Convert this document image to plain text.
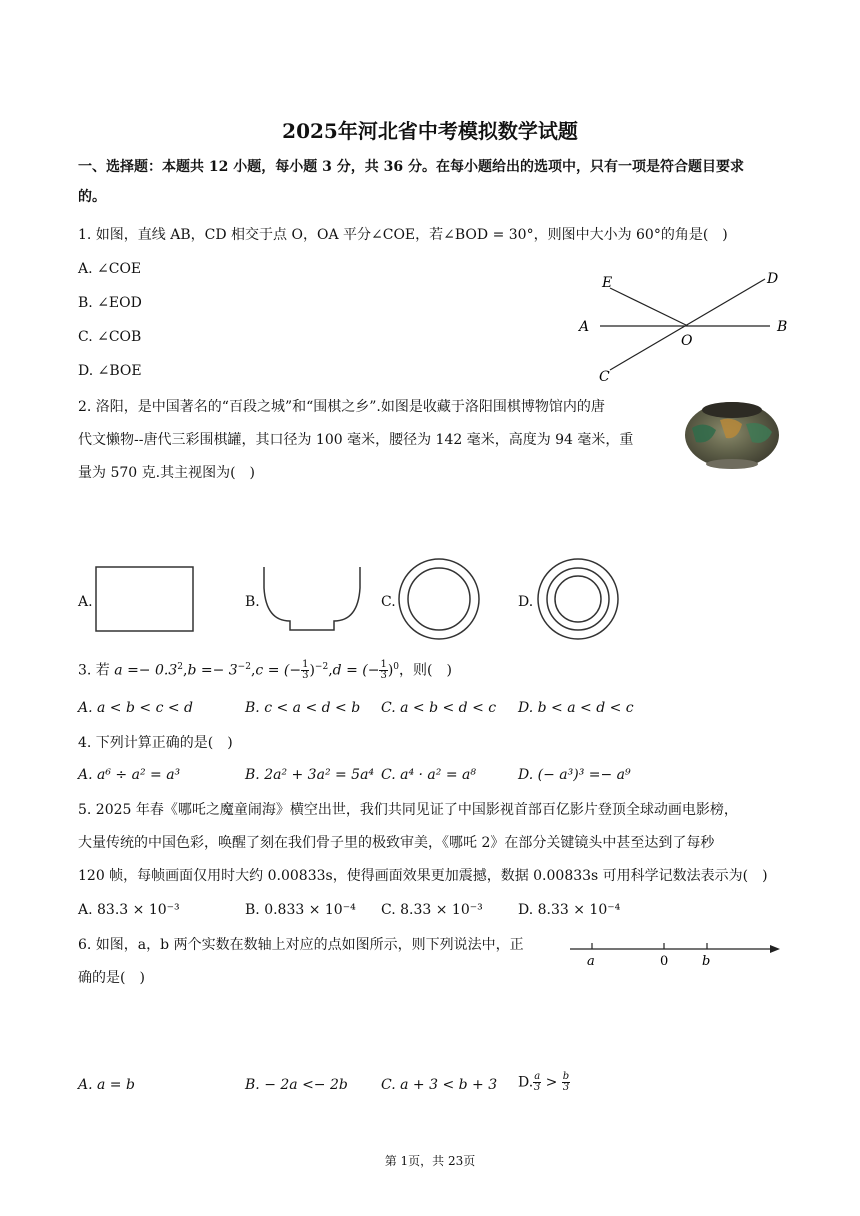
2025年河北省中考模拟数学试题
一、选择题：本题共 12 小题，每小题 3 分，共 36 分。在每小题给出的选项中，只有一项是符合题目要求
的。
1. 如图，直线 AB，CD 相交于点 O，OA 平分∠COE，若∠BOD = 30°，则图中大小为 60°的角是(　)
A. ∠COE
B. ∠EOD
C. ∠COB
D. ∠BOE
E	D
A	B
O
C
2. 洛阳，是中国著名的“百段之城”和“围棋之乡”.如图是收藏于洛阳围棋博物馆内的唐
代文懒物--唐代三彩围棋罐，其口径为 100 毫米，腰径为 142 毫米，高度为 94 毫米，重
量为 570 克.其主视图为(　)
A.	B.	C.	D.
3. 若 $a =- 0.3^2,b =- 3^{-2},c$ = (− $\frac{1}{3} )^{-2},d$ = (− $\frac{1}{3} )^0$，则(　)
A. a < b < c < d	B. c < a < d < b C. a < b < d < c D. b < a < d < c
4. 下列计算正确的是(　)
A. a⁶ ÷ a² = a³	B. 2a² + 3a² = 5a⁴ C. a⁴ · a² = a⁸	D. (− a³)³ =− a⁹
5. 2025 年春《哪吒之魔童闹海》横空出世，我们共同见证了中国影视首部百亿影片登顶全球动画电影榜，
大量传统的中国色彩，唤醒了刻在我们骨子里的极致审美，《哪吒 2》在部分关键镜头中甚至达到了每秒
120 帧，每帧画面仅用时大约 0.00833s，使得画面效果更加震撼，数据 0.00833s 可用科学记数法表示为(　)
A. 83.3 × 10⁻³	B. 0.833 × 10⁻⁴ C. 8.33 × 10⁻³	D. 8.33 × 10⁻⁴
6. 如图，a，b 两个实数在数轴上对应的点如图所示，则下列说法中，正
确的是(　)
a	0	b
A. a = b	B. − 2a <− 2b C. a + 3 < b + 3 D. $\frac{a}{3} > \frac{b}{3}$
第 1页，共 23页
